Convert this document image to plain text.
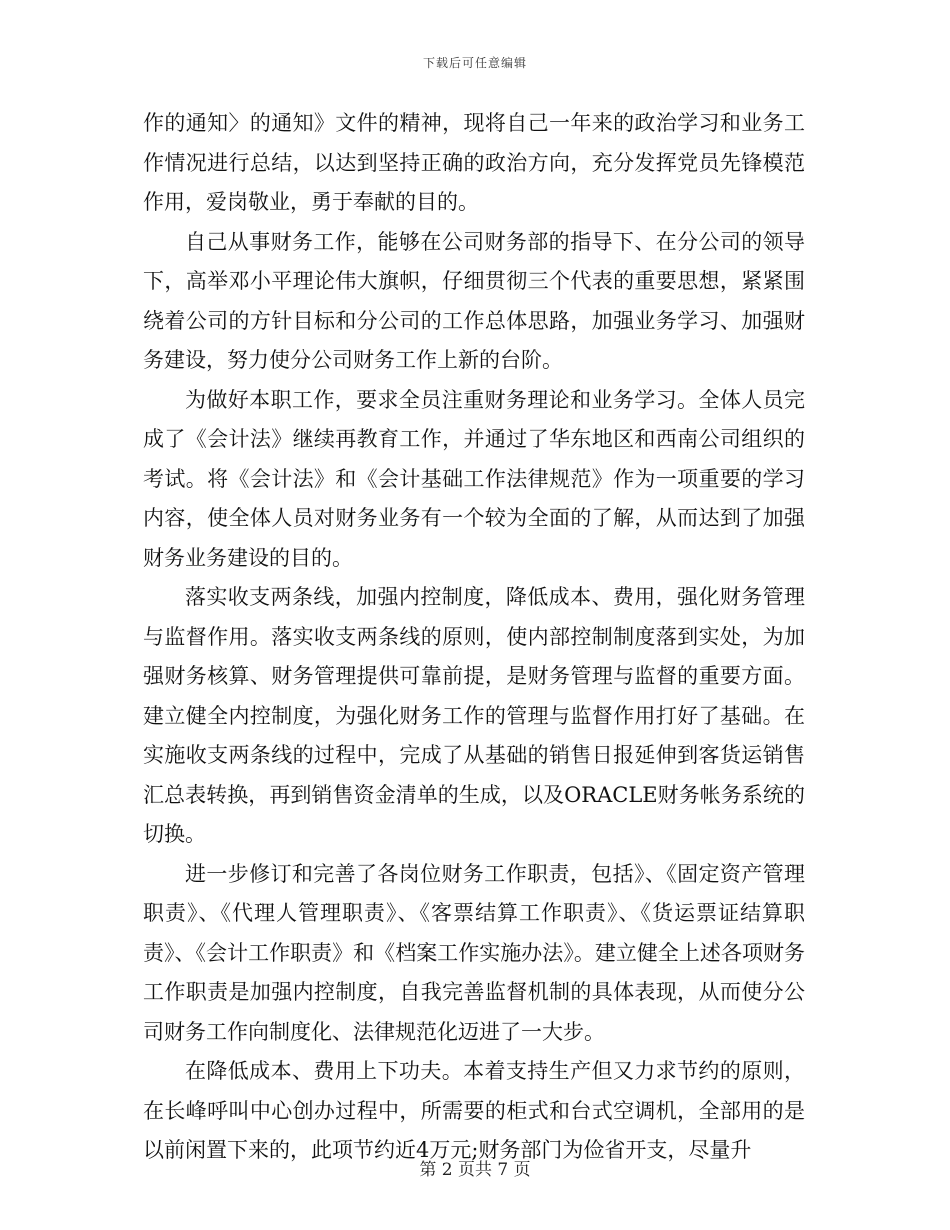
下载后可任意编辑

作的通知〉的通知》文件的精神，现将自己一年来的政治学习和业务工作情况进行总结，以达到坚持正确的政治方向，充分发挥党员先锋模范作用，爱岗敬业，勇于奉献的目的。

自己从事财务工作，能够在公司财务部的指导下、在分公司的领导下，高举邓小平理论伟大旗帜，仔细贯彻三个代表的重要思想，紧紧围绕着公司的方针目标和分公司的工作总体思路，加强业务学习、加强财务建设，努力使分公司财务工作上新的台阶。

为做好本职工作，要求全员注重财务理论和业务学习。全体人员完成了《会计法》继续再教育工作，并通过了华东地区和西南公司组织的考试。将《会计法》和《会计基础工作法律规范》作为一项重要的学习内容，使全体人员对财务业务有一个较为全面的了解，从而达到了加强财务业务建设的目的。

落实收支两条线，加强内控制度，降低成本、费用，强化财务管理与监督作用。落实收支两条线的原则，使内部控制制度落到实处，为加强财务核算、财务管理提供可靠前提，是财务管理与监督的重要方面。建立健全内控制度，为强化财务工作的管理与监督作用打好了基础。在实施收支两条线的过程中，完成了从基础的销售日报延伸到客货运销售汇总表转换，再到销售资金清单的生成，以及ORACLE财务帐务系统的切换。

进一步修订和完善了各岗位财务工作职责，包括》、《固定资产管理职责》、《代理人管理职责》、《客票结算工作职责》、《货运票证结算职责》、《会计工作职责》和《档案工作实施办法》。建立健全上述各项财务工作职责是加强内控制度，自我完善监督机制的具体表现，从而使分公司财务工作向制度化、法律规范化迈进了一大步。

在降低成本、费用上下功夫。本着支持生产但又力求节约的原则，在长峰呼叫中心创办过程中，所需要的柜式和台式空调机，全部用的是以前闲置下来的，此项节约近4万元;财务部门为俭省开支，尽量升

第 2 页共 7 页
